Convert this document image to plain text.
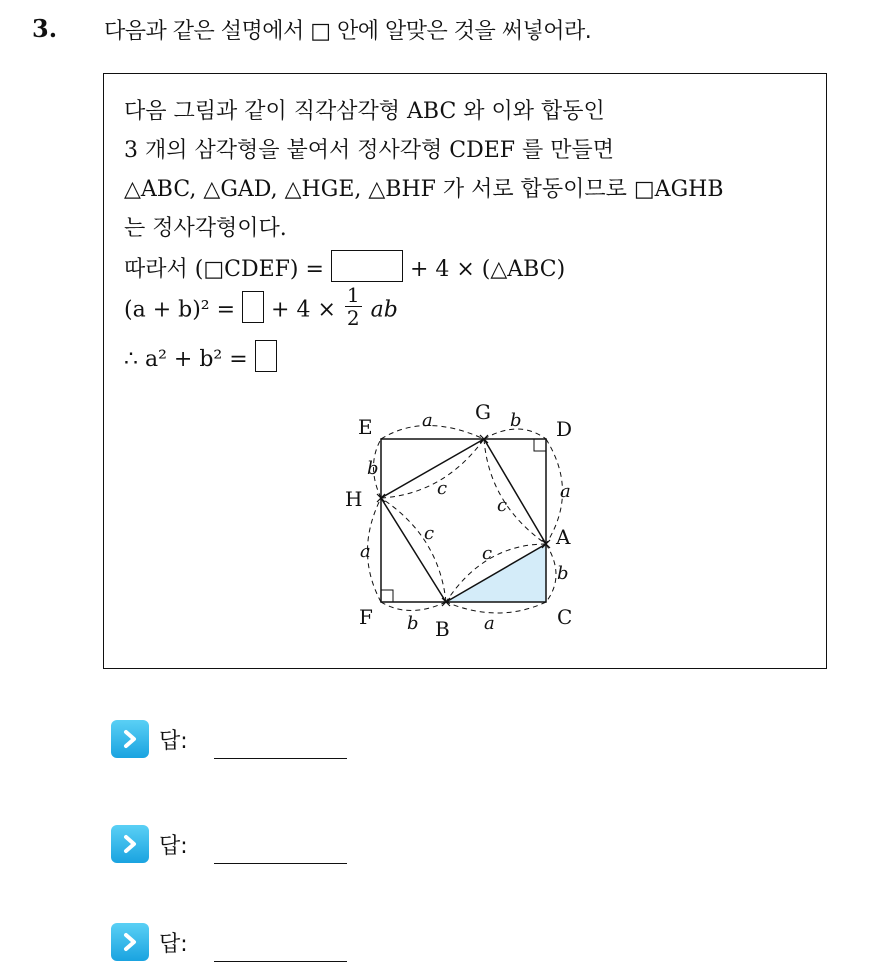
3. 다음과 같은 설명에서 □ 안에 알맞은 것을 써넣어라.
다음 그림과 같이 직각삼각형 ABC 와 이와 합동인
3 개의 삼각형을 붙여서 정사각형 CDEF 를 만들면
△ABC, △GAD, △HGE, △BHF 가 서로 합동이므로 □AGHB
는 정사각형이다.
따라서 (□CDEF) =	+ 4 × (△ABC)
(a + b)² = + $4 \times \frac{1}{2}$ ab
∴ a² + b² =
E
G
D
H
A
F	B	C
a	b
a
b
a
b
a
b
c
c
c
c
답:
답:
답:
